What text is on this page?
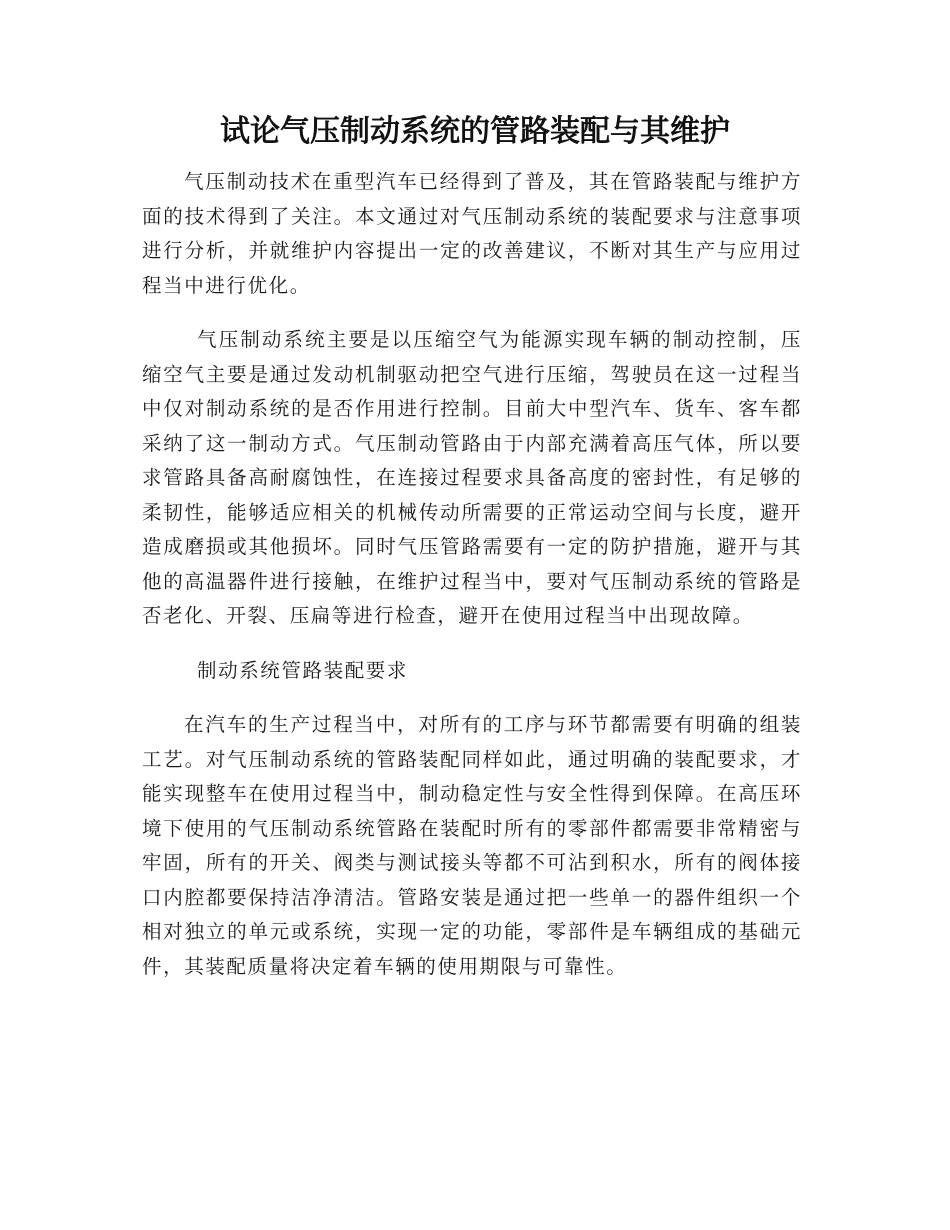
试论气压制动系统的管路装配与其维护

气压制动技术在重型汽车已经得到了普及，其在管路装配与维护方面的技术得到了关注。本文通过对气压制动系统的装配要求与注意事项进行分析，并就维护内容提出一定的改善建议，不断对其生产与应用过程当中进行优化。

气压制动系统主要是以压缩空气为能源实现车辆的制动控制，压缩空气主要是通过发动机制驱动把空气进行压缩，驾驶员在这一过程当中仅对制动系统的是否作用进行控制。目前大中型汽车、货车、客车都采纳了这一制动方式。气压制动管路由于内部充满着高压气体，所以要求管路具备高耐腐蚀性，在连接过程要求具备高度的密封性，有足够的柔韧性，能够适应相关的机械传动所需要的正常运动空间与长度，避开造成磨损或其他损坏。同时气压管路需要有一定的防护措施，避开与其他的高温器件进行接触，在维护过程当中，要对气压制动系统的管路是否老化、开裂、压扁等进行检查，避开在使用过程当中出现故障。

制动系统管路装配要求

在汽车的生产过程当中，对所有的工序与环节都需要有明确的组装工艺。对气压制动系统的管路装配同样如此，通过明确的装配要求，才能实现整车在使用过程当中，制动稳定性与安全性得到保障。在高压环境下使用的气压制动系统管路在装配时所有的零部件都需要非常精密与牢固，所有的开关、阀类与测试接头等都不可沾到积水，所有的阀体接口内腔都要保持洁净清洁。管路安装是通过把一些单一的器件组织一个相对独立的单元或系统，实现一定的功能，零部件是车辆组成的基础元件，其装配质量将决定着车辆的使用期限与可靠性。
